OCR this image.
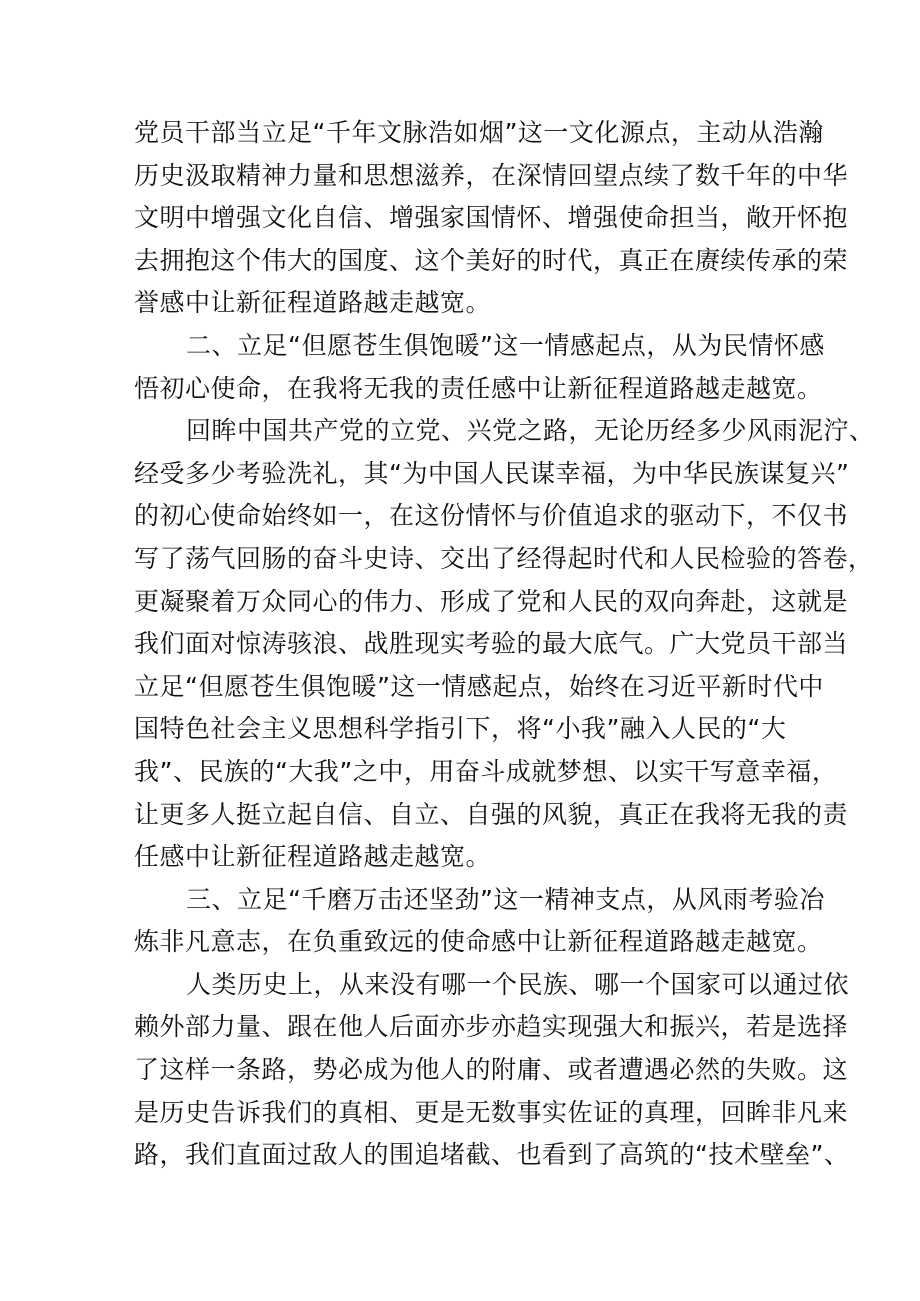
党员干部当立足“千年文脉浩如烟”这一文化源点，主动从浩瀚
历史汲取精神力量和思想滋养，在深情回望点续了数千年的中华
文明中增强文化自信、增强家国情怀、增强使命担当，敞开怀抱
去拥抱这个伟大的国度、这个美好的时代，真正在赓续传承的荣
誉感中让新征程道路越走越宽。
二、立足“但愿苍生俱饱暖”这一情感起点，从为民情怀感
悟初心使命，在我将无我的责任感中让新征程道路越走越宽。
回眸中国共产党的立党、兴党之路，无论历经多少风雨泥泞、
经受多少考验洗礼，其“为中国人民谋幸福，为中华民族谋复兴”
的初心使命始终如一，在这份情怀与价值追求的驱动下，不仅书
写了荡气回肠的奋斗史诗、交出了经得起时代和人民检验的答卷，
更凝聚着万众同心的伟力、形成了党和人民的双向奔赴，这就是
我们面对惊涛骇浪、战胜现实考验的最大底气。广大党员干部当
立足“但愿苍生俱饱暖”这一情感起点，始终在习近平新时代中
国特色社会主义思想科学指引下，将“小我”融入人民的“大
我”、民族的“大我”之中，用奋斗成就梦想、以实干写意幸福，
让更多人挺立起自信、自立、自强的风貌，真正在我将无我的责
任感中让新征程道路越走越宽。
三、立足“千磨万击还坚劲”这一精神支点，从风雨考验冶
炼非凡意志，在负重致远的使命感中让新征程道路越走越宽。
人类历史上，从来没有哪一个民族、哪一个国家可以通过依
赖外部力量、跟在他人后面亦步亦趋实现强大和振兴，若是选择
了这样一条路，势必成为他人的附庸、或者遭遇必然的失败。这
是历史告诉我们的真相、更是无数事实佐证的真理，回眸非凡来
路，我们直面过敌人的围追堵截、也看到了高筑的“技术壁垒”、
